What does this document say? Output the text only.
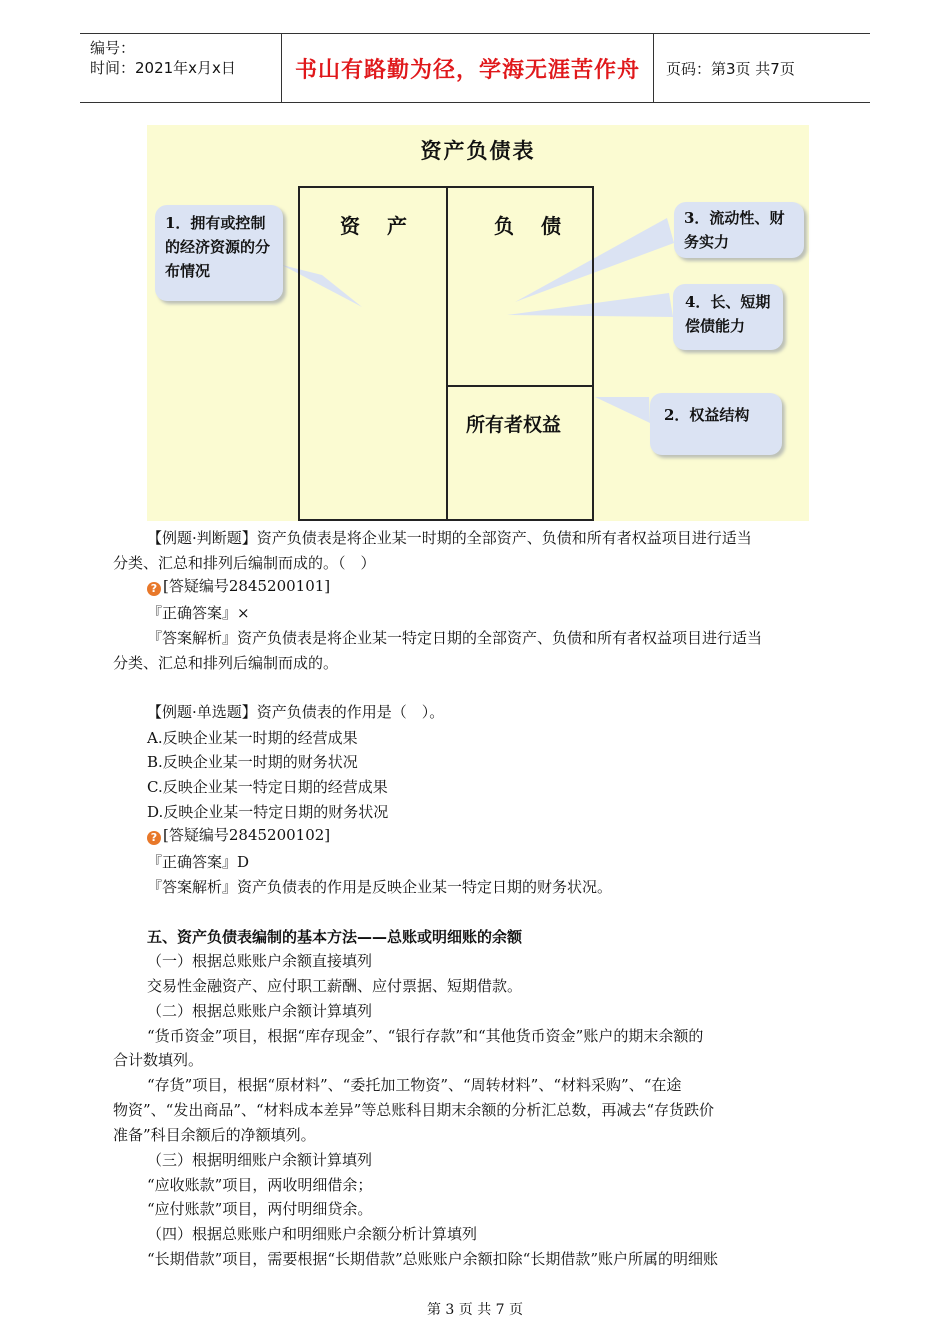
编号：
时间：2021年x月x日	书山有路勤为径，学海无涯苦作舟	页码：第3页 共7页
资产负债表
资 产	负 债
所有者权益
1．拥有或控制的经济资源的分布情况
3．流动性、财务实力
4．长、短期偿债能力
2．权益结构
【例题·判断题】资产负债表是将企业某一时期的全部资产、负债和所有者权益项目进行适当
分类、汇总和排列后编制而成的。（　）
? [答疑编号2845200101]
『正确答案』×
『答案解析』资产负债表是将企业某一特定日期的全部资产、负债和所有者权益项目进行适当
分类、汇总和排列后编制而成的。
【例题·单选题】资产负债表的作用是（　）。
A.反映企业某一时期的经营成果
B.反映企业某一时期的财务状况
C.反映企业某一特定日期的经营成果
D.反映企业某一特定日期的财务状况
? [答疑编号2845200102]
『正确答案』D
『答案解析』资产负债表的作用是反映企业某一特定日期的财务状况。
五、资产负债表编制的基本方法——总账或明细账的余额
（一）根据总账账户余额直接填列
交易性金融资产、应付职工薪酬、应付票据、短期借款。
（二）根据总账账户余额计算填列
“货币资金”项目，根据“库存现金”、“银行存款”和“其他货币资金”账户的期末余额的
合计数填列。
“存货”项目，根据“原材料”、“委托加工物资”、“周转材料”、“材料采购”、“在途
物资”、“发出商品”、“材料成本差异”等总账科目期末余额的分析汇总数，再减去“存货跌价
准备”科目余额后的净额填列。
（三）根据明细账户余额计算填列
“应收账款”项目，两收明细借余；
“应付账款”项目，两付明细贷余。
（四）根据总账账户和明细账户余额分析计算填列
“长期借款”项目，需要根据“长期借款”总账账户余额扣除“长期借款”账户所属的明细账
第 3 页 共 7 页
